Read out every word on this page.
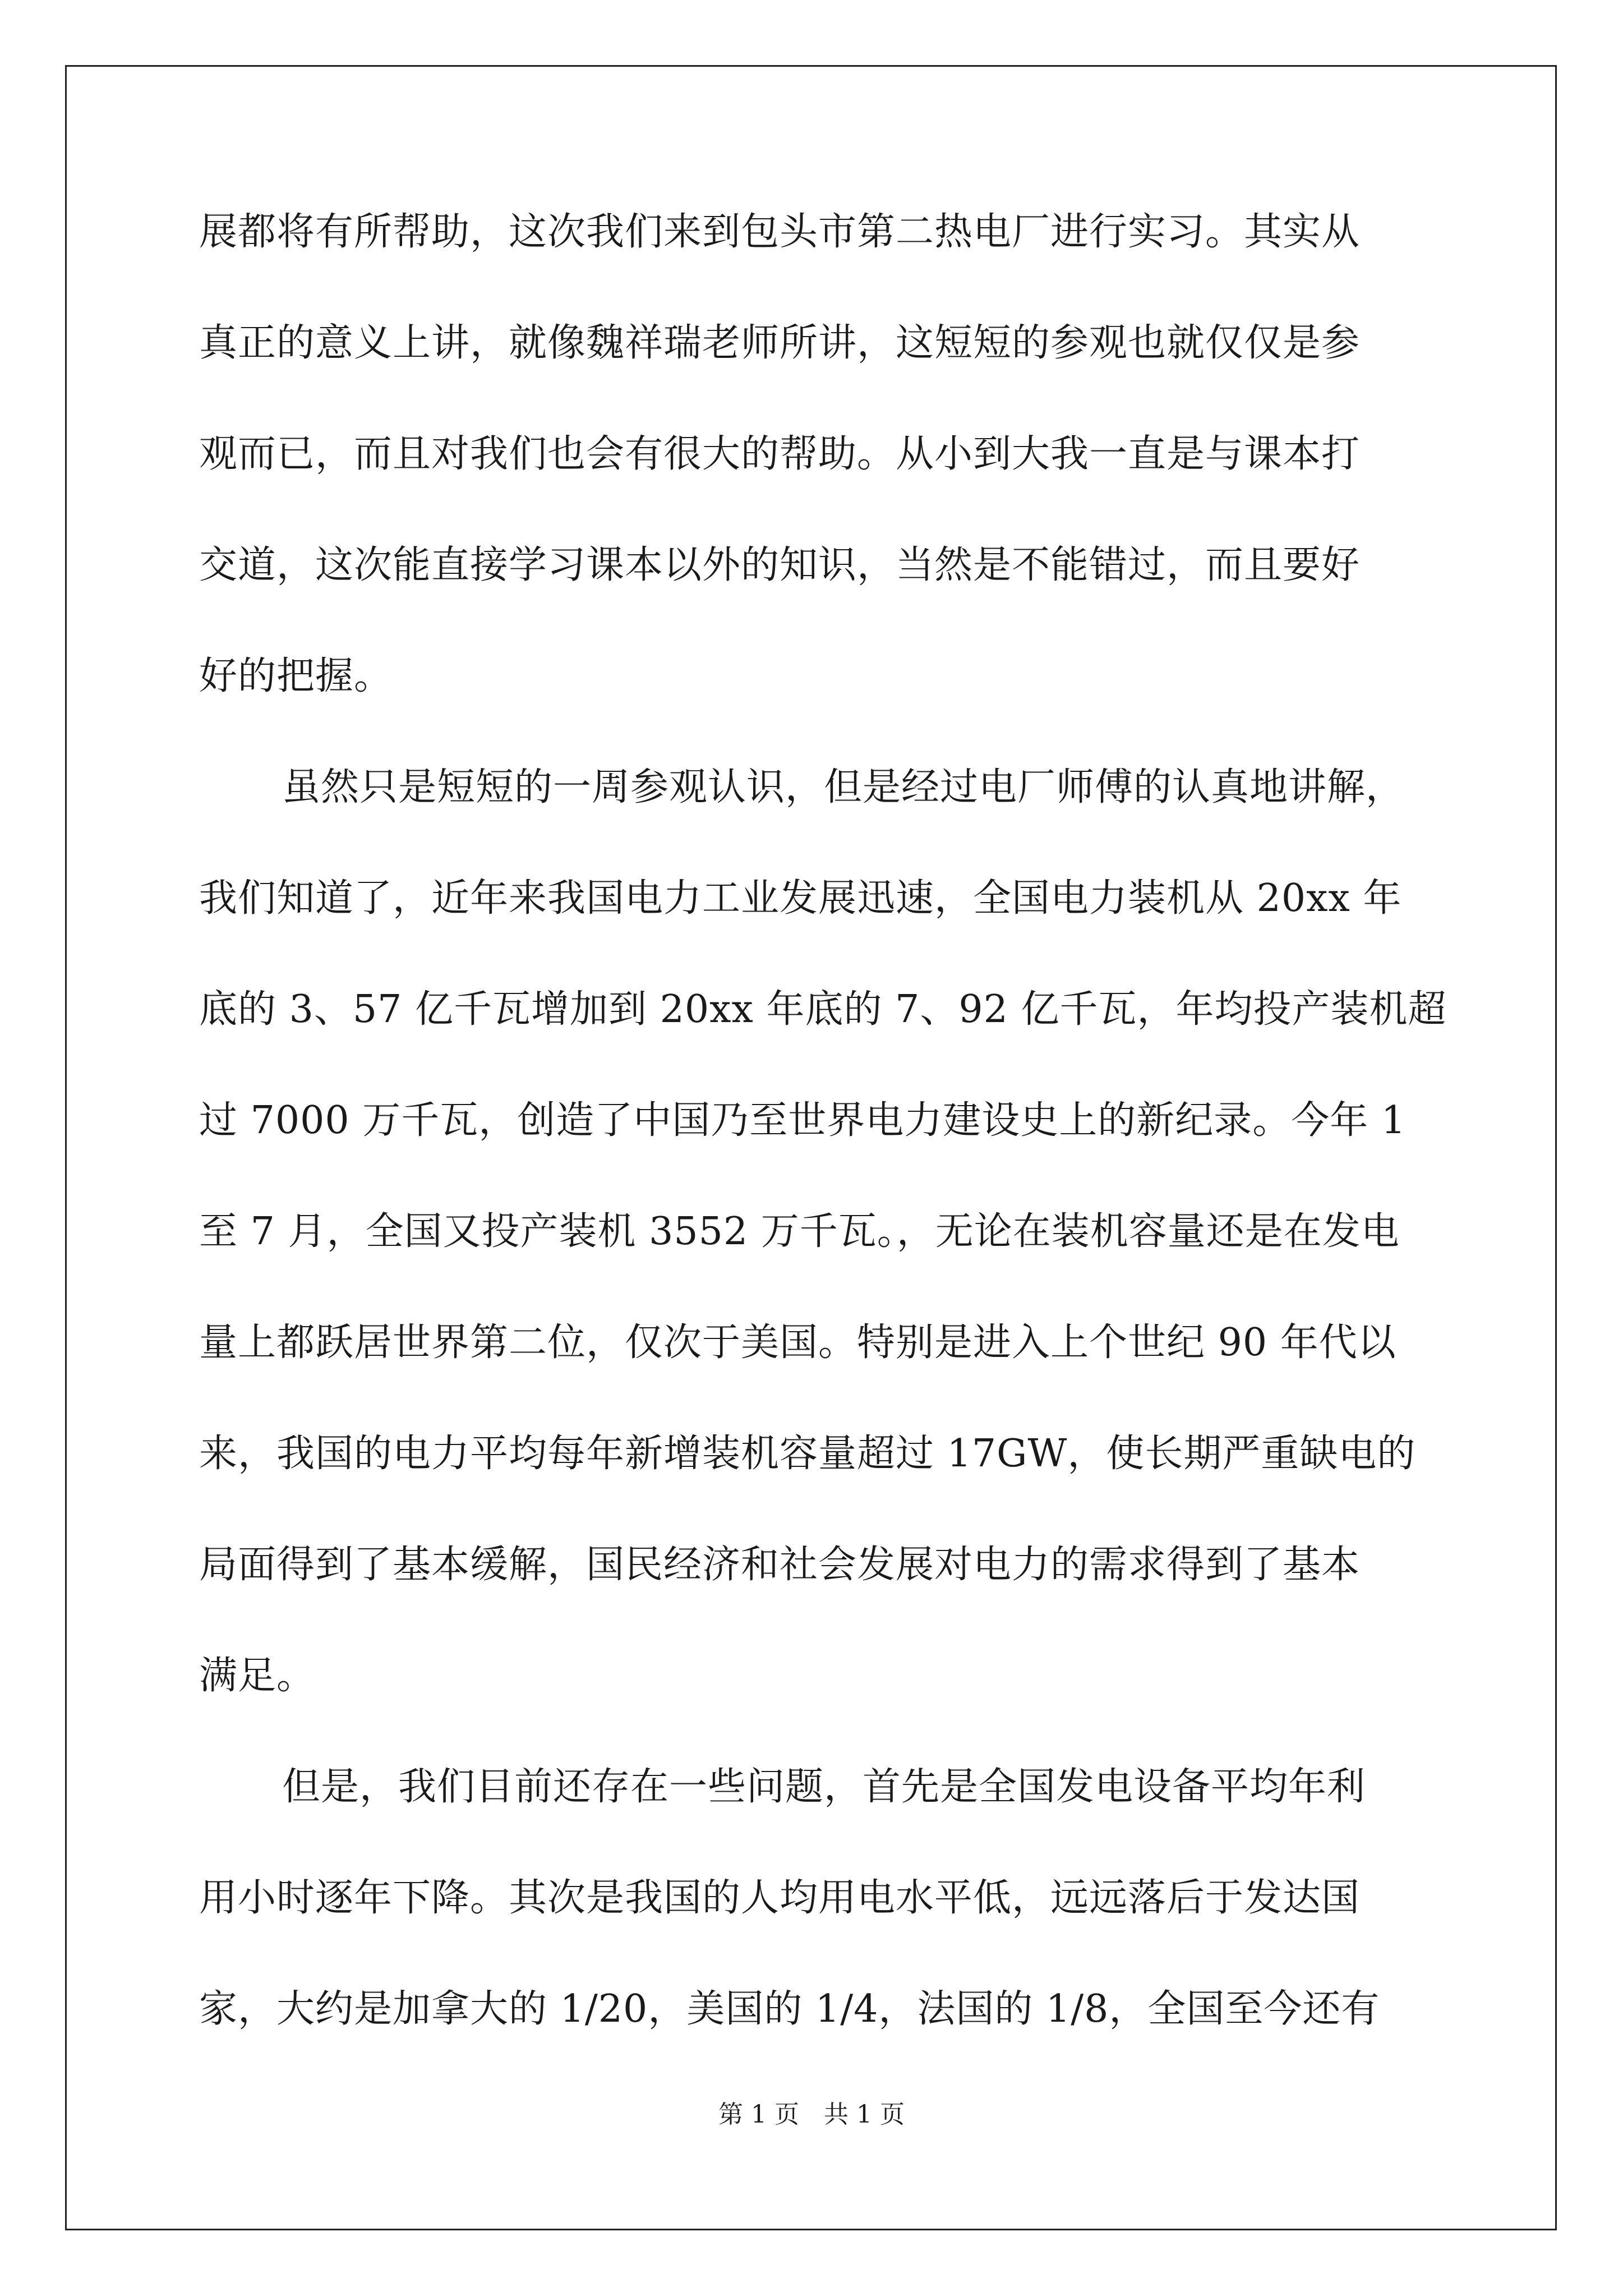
展都将有所帮助，这次我们来到包头市第二热电厂进行实习。其实从
真正的意义上讲，就像魏祥瑞老师所讲，这短短的参观也就仅仅是参
观而已，而且对我们也会有很大的帮助。从小到大我一直是与课本打
交道，这次能直接学习课本以外的知识，当然是不能错过，而且要好
好的把握。
虽然只是短短的一周参观认识，但是经过电厂师傅的认真地讲解，
我们知道了，近年来我国电力工业发展迅速，全国电力装机从 20xx 年
底的 3、57 亿千瓦增加到 20xx 年底的 7、92 亿千瓦，年均投产装机超
过 7000 万千瓦，创造了中国乃至世界电力建设史上的新纪录。今年 1
至 7 月，全国又投产装机 3552 万千瓦。，无论在装机容量还是在发电
量上都跃居世界第二位，仅次于美国。特别是进入上个世纪 90 年代以
来，我国的电力平均每年新增装机容量超过 17GW，使长期严重缺电的
局面得到了基本缓解，国民经济和社会发展对电力的需求得到了基本
满足。
但是，我们目前还存在一些问题，首先是全国发电设备平均年利
用小时逐年下降。其次是我国的人均用电水平低，远远落后于发达国
家，大约是加拿大的 1/20，美国的 1/4，法国的 1/8，全国至今还有
第 1 页　共 1 页
